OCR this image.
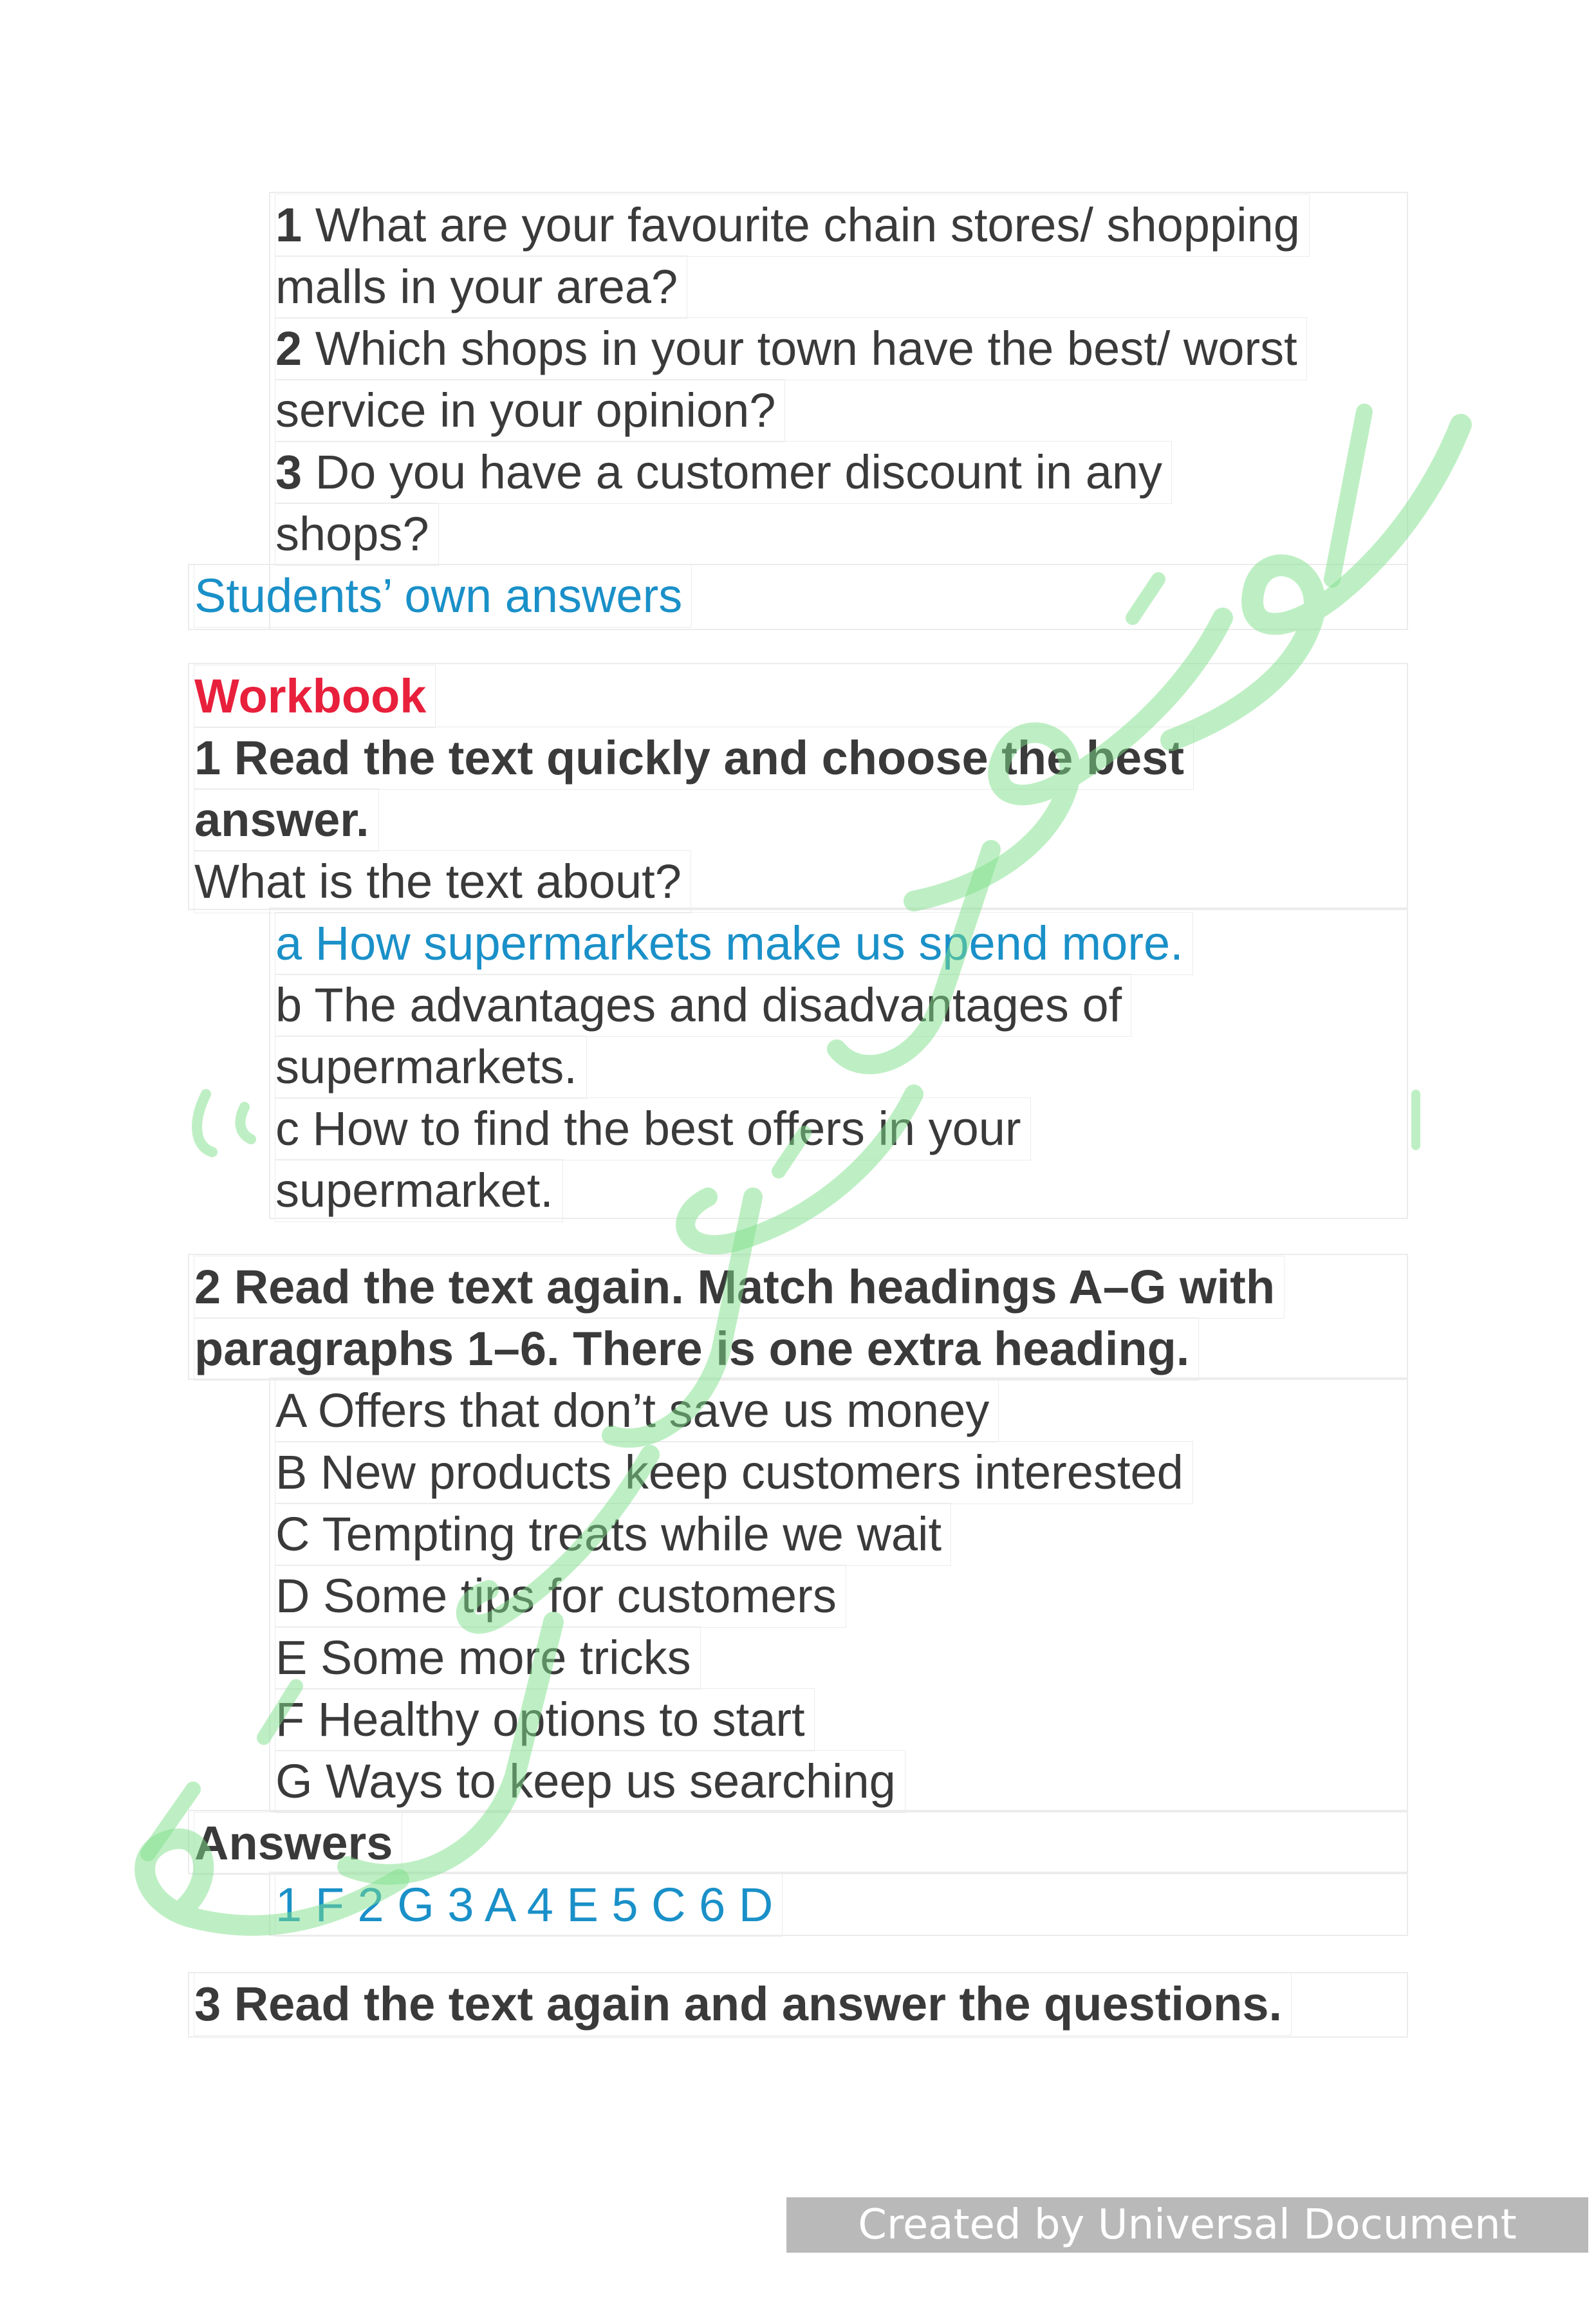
1 What are your favourite chain stores/ shopping
malls in your area?
2 Which shops in your town have the best/ worst
service in your opinion?
3 Do you have a customer discount in any
shops?
Students’ own answers
Workbook
1 Read the text quickly and choose the best
answer.
What is the text about?
a How supermarkets make us spend more.
b The advantages and disadvantages of
supermarkets.
c How to find the best offers in your
supermarket.
2 Read the text again. Match headings A–G with
paragraphs 1–6. There is one extra heading.
A Offers that don’t save us money
B New products keep customers interested
C Tempting treats while we wait
D Some tips for customers
E Some more tricks
F Healthy options to start
G Ways to keep us searching
Answers
1 F 2 G 3 A 4 E 5 C 6 D
3 Read the text again and answer the questions.
Created by Universal Document Converter
